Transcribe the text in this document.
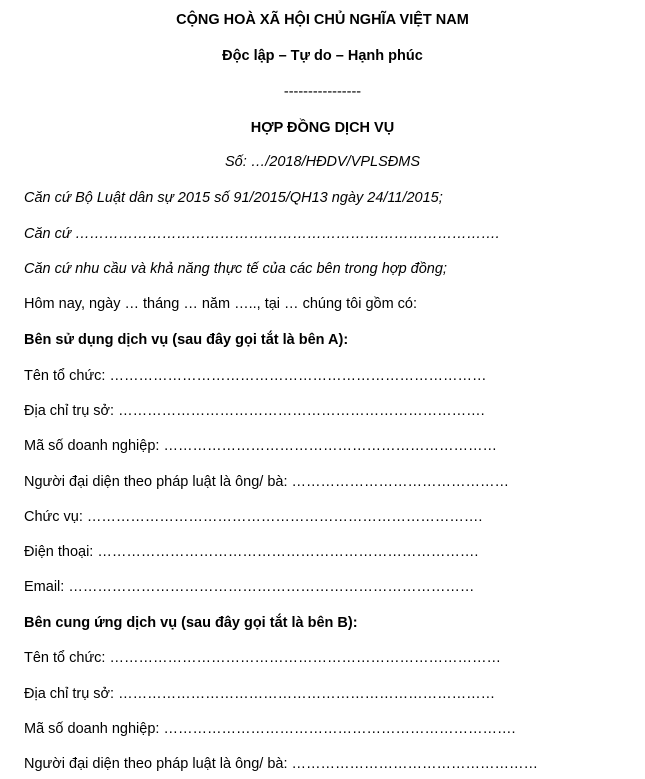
CỘNG HOÀ XÃ HỘI CHỦ NGHĨA VIỆT NAM
Độc lập – Tự do – Hạnh phúc
----------------
HỢP ĐỒNG DỊCH VỤ
Số: …/2018/HĐDV/VPLSĐMS
Căn cứ Bộ Luật dân sự 2015 số 91/2015/QH13 ngày 24/11/2015;
Căn cứ …………………………………………………………………………….
Căn cứ nhu cầu và khả năng thực tế của các bên trong hợp đồng;
Hôm nay, ngày … tháng … năm ….., tại … chúng tôi gồm có:
Bên sử dụng dịch vụ (sau đây gọi tắt là bên A):
Tên tổ chức: ……………………………………………………………………
Địa chỉ trụ sở: ………………………………………………………………….
Mã số doanh nghiệp: ……………………………………………………………
Người đại diện theo pháp luật là ông/ bà: ………………………………………
Chức vụ: ……………………………………………………………………….
Điện thoại: …………………………………………………………………….
Email: …………………………………………………………………………
Bên cung ứng dịch vụ (sau đây gọi tắt là bên B):
Tên tổ chức: ………………………………………………………………………
Địa chỉ trụ sở: ……………………………………………………………………
Mã số doanh nghiệp: ……………………………………………………………….
Người đại diện theo pháp luật là ông/ bà: ……………………………………………
